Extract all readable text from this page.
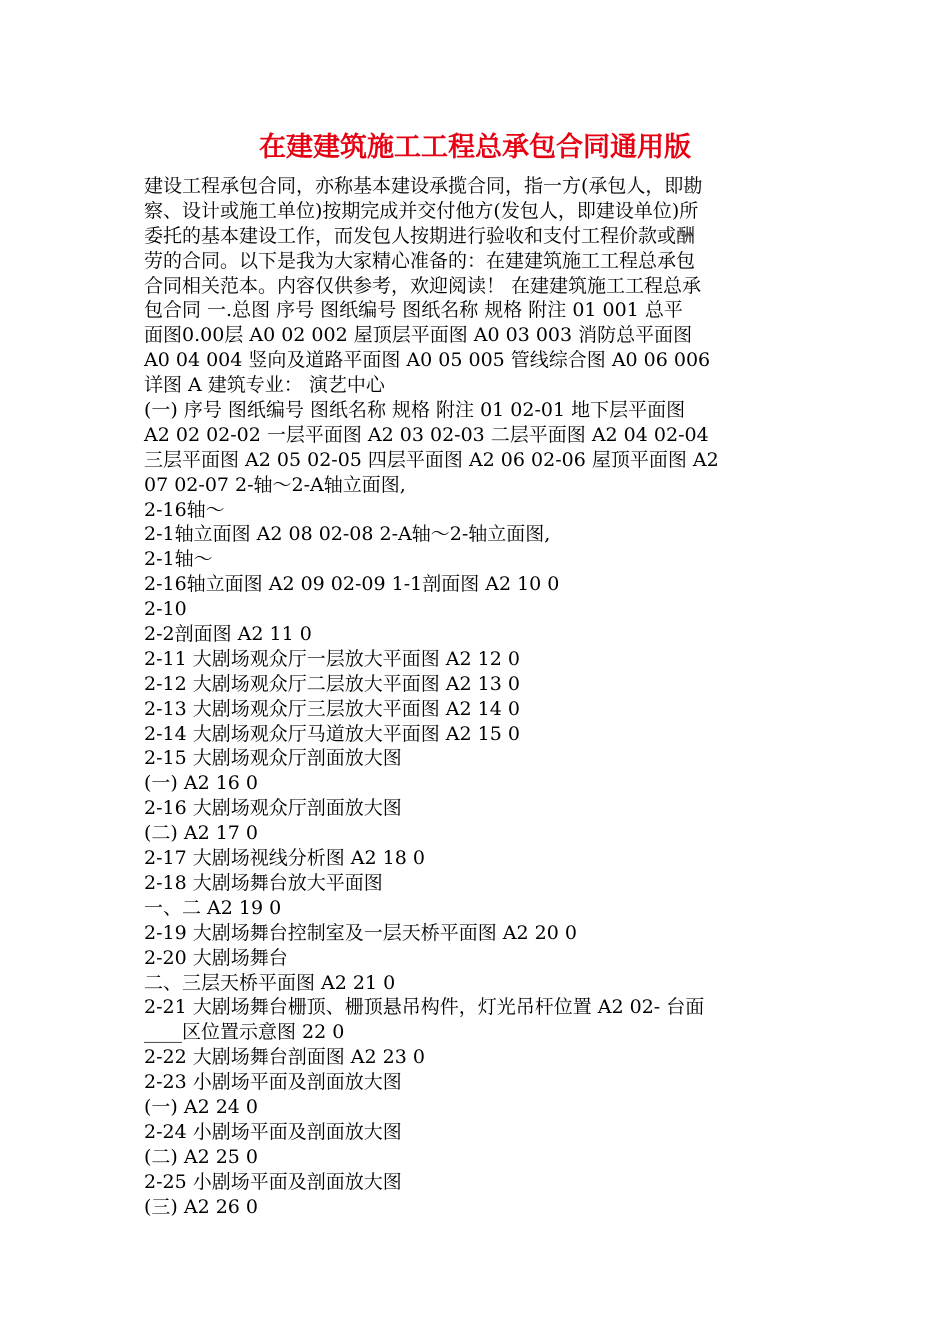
在建建筑施工工程总承包合同通用版
建设工程承包合同，亦称基本建设承揽合同，指一方(承包人，即勘
察、设计或施工单位)按期完成并交付他方(发包人，即建设单位)所
委托的基本建设工作，而发包人按期进行验收和支付工程价款或酬
劳的合同。以下是我为大家精心准备的：在建建筑施工工程总承包
合同相关范本。内容仅供参考，欢迎阅读！ 在建建筑施工工程总承
包合同 一.总图 序号 图纸编号 图纸名称 规格 附注 01 001 总平
面图0.00层 A0 02 002 屋顶层平面图 A0 03 003 消防总平面图
A0 04 004 竖向及道路平面图 A0 05 005 管线综合图 A0 06 006
详图 A 建筑专业： 演艺中心
(一) 序号 图纸编号 图纸名称 规格 附注 01 02-01 地下层平面图
A2 02 02-02 一层平面图 A2 03 02-03 二层平面图 A2 04 02-04
三层平面图 A2 05 02-05 四层平面图 A2 06 02-06 屋顶平面图 A2
07 02-07 2-轴～2-A轴立面图,
2-16轴～
2-1轴立面图 A2 08 02-08 2-A轴～2-轴立面图,
2-1轴～
2-16轴立面图 A2 09 02-09 1-1剖面图 A2 10 0
2-10
2-2剖面图 A2 11 0
2-11 大剧场观众厅一层放大平面图 A2 12 0
2-12 大剧场观众厅二层放大平面图 A2 13 0
2-13 大剧场观众厅三层放大平面图 A2 14 0
2-14 大剧场观众厅马道放大平面图 A2 15 0
2-15 大剧场观众厅剖面放大图
(一) A2 16 0
2-16 大剧场观众厅剖面放大图
(二) A2 17 0
2-17 大剧场视线分析图 A2 18 0
2-18 大剧场舞台放大平面图
一、二 A2 19 0
2-19 大剧场舞台控制室及一层天桥平面图 A2 20 0
2-20 大剧场舞台
二、三层天桥平面图 A2 21 0
2-21 大剧场舞台栅顶、栅顶悬吊构件，灯光吊杆位置 A2 02- 台面
____区位置示意图 22 0
2-22 大剧场舞台剖面图 A2 23 0
2-23 小剧场平面及剖面放大图
(一) A2 24 0
2-24 小剧场平面及剖面放大图
(二) A2 25 0
2-25 小剧场平面及剖面放大图
(三) A2 26 0
